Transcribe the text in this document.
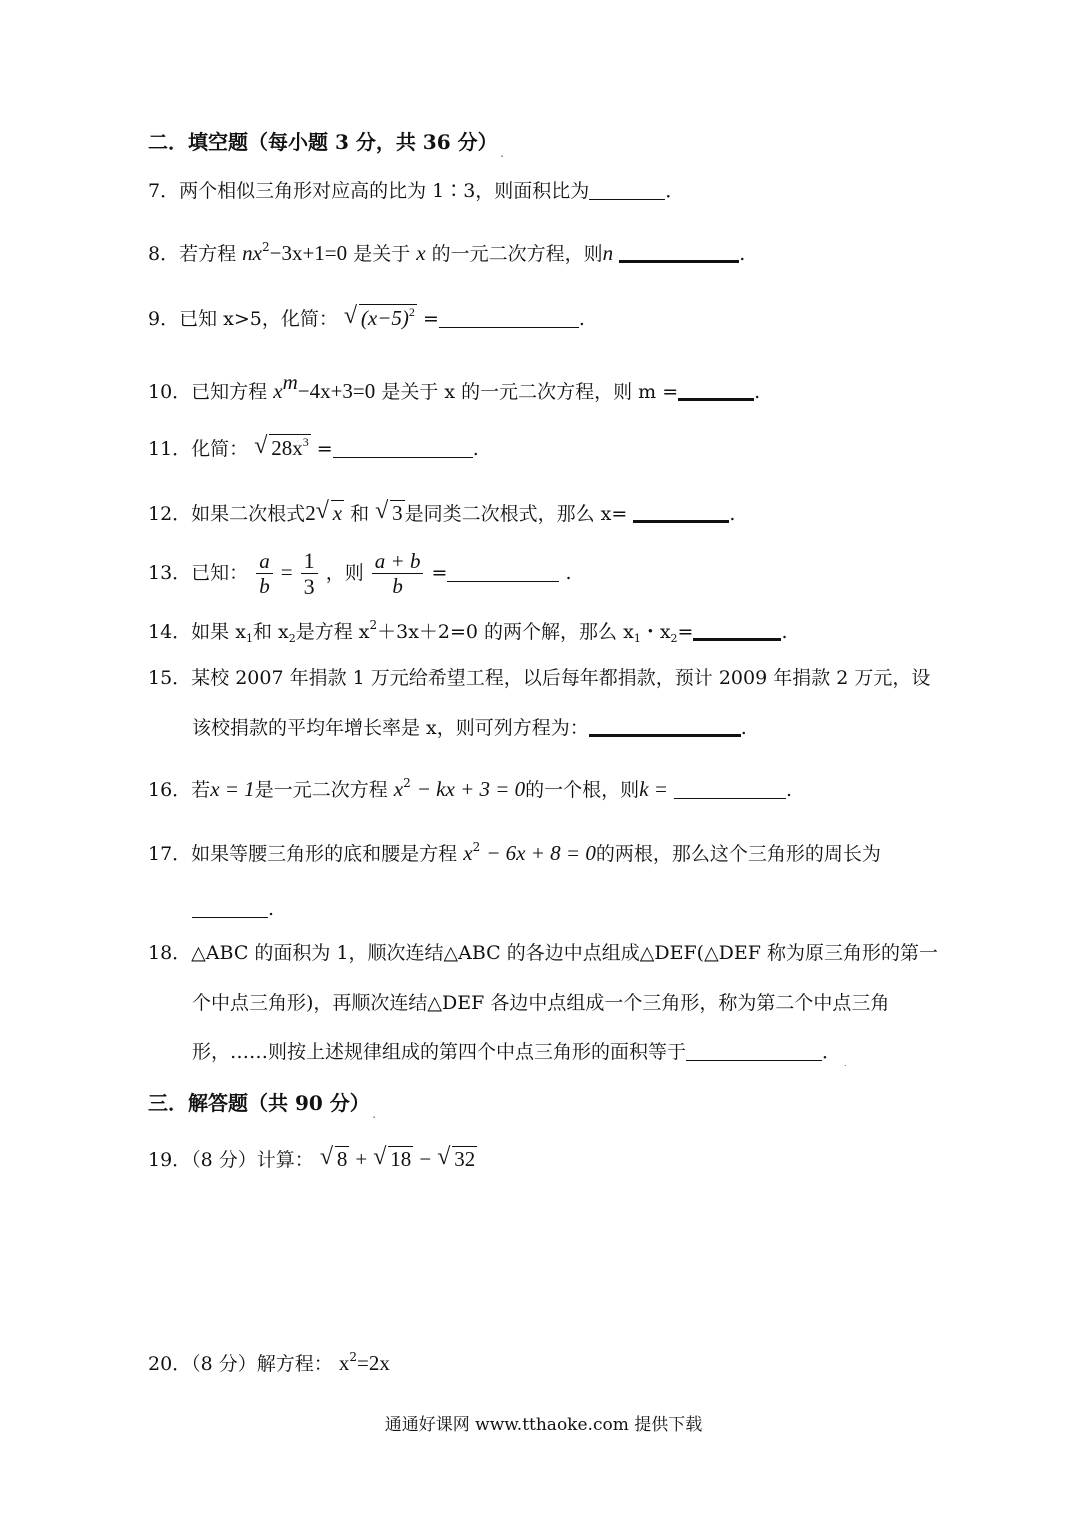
二．填空题（每小题 3 分，共 36 分） $_.$
7．两个相似三角形对应高的比为 1∶3，则面积比为	．
8．若方程 $nx^2-3x+1=0$ 是关于 x 的一元二次方程，则n	.
9．已知 x>5，化简： √ $(x-5)^2$ =	.
10．已知方程 $x^m-4x+3=0$ 是关于 x 的一元二次方程，则 m =	.
11．化简： √ $28x^3$ =	.
12．如果二次根式2 √ x 和 √ 3 是同类二次根式，那么 x=	.
13．已知： $\frac{a}{b} = \frac{1}{3}$ ，则 $\frac{a + b}{b}$ =	.
14．如果 $x_1$和 $x_2$是方程 $x^2+3x+2=0$ 的两个解，那么 $x_1$・$x_2=$	.
15．某校 2007 年捐款 1 万元给希望工程，以后每年都捐款，预计 2009 年捐款 2 万元，设
该校捐款的平均年增长率是 x，则可列方程为：	.
16．若x = 1是一元二次方程 $x^2$ − kx + 3 = 0的一个根，则k =	.
17．如果等腰三角形的底和腰是方程 $x^2 - 6x + 8 = 0$的两根，那么这个三角形的周长为
.
18．△ABC 的面积为 1，顺次连结△ABC 的各边中点组成△DEF(△DEF 称为原三角形的第一
个中点三角形)，再顺次连结△DEF 各边中点组成一个三角形，称为第二个中点三角
形，……则按上述规律组成的第四个中点三角形的面积等于	．$_.$
三．解答题（共 90 分） $_.$
19．（8 分）计算： √ 8 + √ 18 − √ 32
20．（8 分）解方程： $x^2=2x$
通通好课网 www.tthaoke.com 提供下载
